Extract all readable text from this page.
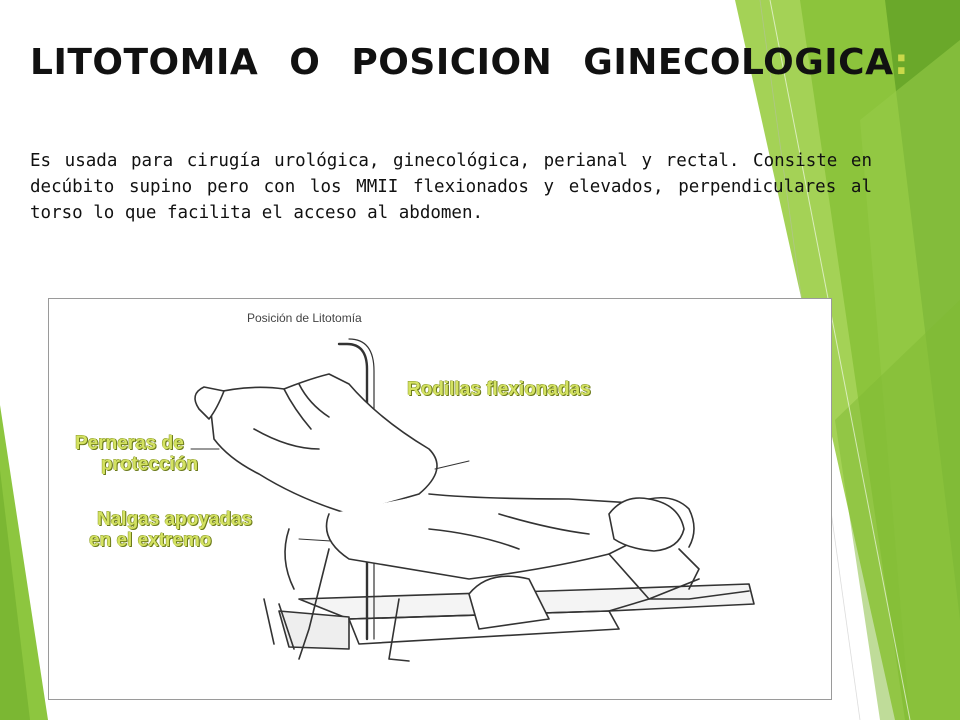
LITOTOMIA O POSICION GINECOLOGICA:

Es usada para cirugía urológica, ginecológica, perianal y rectal. Consiste en decúbito supino pero con los MMII flexionados y elevados, perpendiculares al torso lo que facilita el acceso al abdomen.

Posición de Litotomía
Rodillas flexionadas
Perneras de
protección
Nalgas apoyadas
en el extremo
